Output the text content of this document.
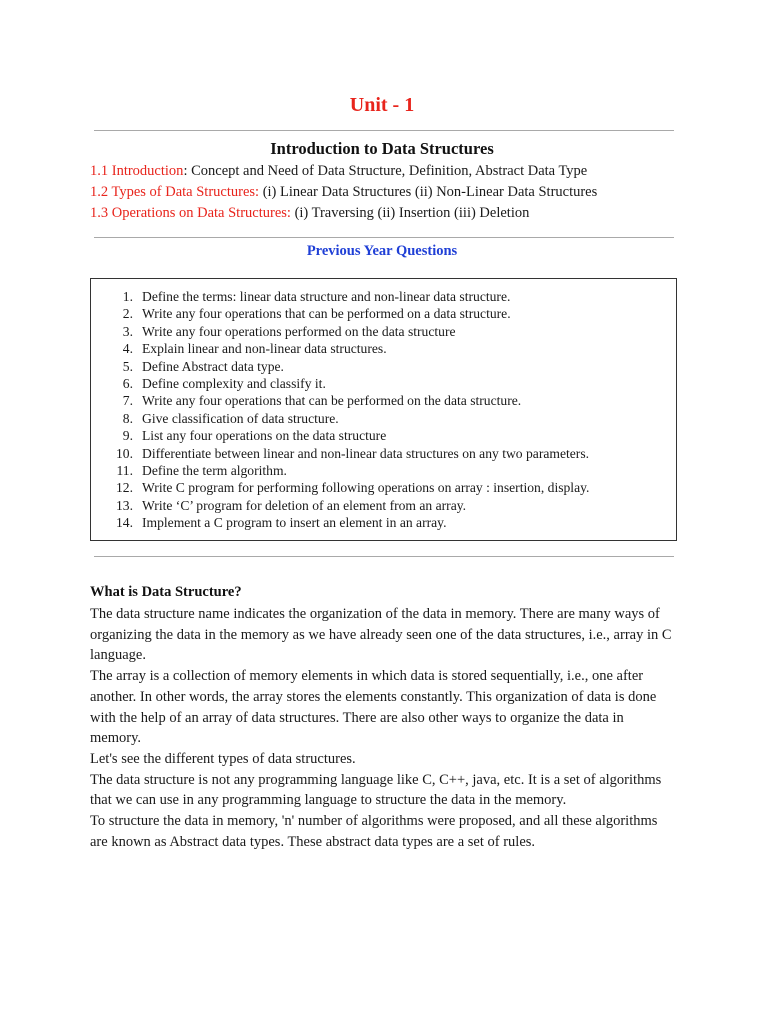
Unit - 1
Introduction to Data Structures
1.1 Introduction: Concept and Need of Data Structure, Definition, Abstract Data Type
1.2 Types of Data Structures: (i) Linear Data Structures (ii) Non-Linear Data Structures
1.3 Operations on Data Structures: (i) Traversing (ii) Insertion (iii) Deletion
Previous Year Questions
1. Define the terms: linear data structure and non-linear data structure.
2. Write any four operations that can be performed on a data structure.
3. Write any four operations performed on the data structure
4. Explain linear and non-linear data structures.
5. Define Abstract data type.
6. Define complexity and classify it.
7. Write any four operations that can be performed on the data structure.
8. Give classification of data structure.
9. List any four operations on the data structure
10. Differentiate between linear and non-linear data structures on any two parameters.
11. Define the term algorithm.
12. Write C program for performing following operations on array : insertion, display.
13. Write ‘C’ program for deletion of an element from an array.
14. Implement a C program to insert an element in an array.
What is Data Structure?

The data structure name indicates the organization of the data in memory. There are many ways of organizing the data in the memory as we have already seen one of the data structures, i.e., array in C language.

The array is a collection of memory elements in which data is stored sequentially, i.e., one after another. In other words, the array stores the elements constantly. This organization of data is done with the help of an array of data structures. There are also other ways to organize the data in memory.

Let's see the different types of data structures.

The data structure is not any programming language like C, C++, java, etc. It is a set of algorithms that we can use in any programming language to structure the data in the memory.

To structure the data in memory, 'n' number of algorithms were proposed, and all these algorithms are known as Abstract data types. These abstract data types are a set of rules.
